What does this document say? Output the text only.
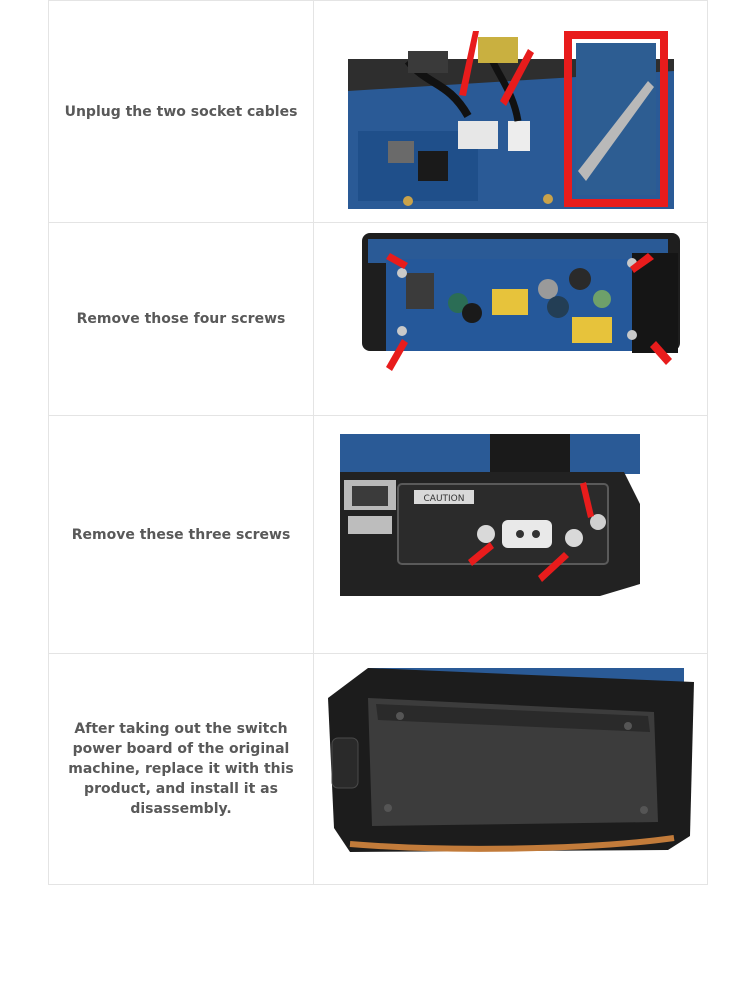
Unplug the two socket cables
Remove those four screws
Remove these three screws
CAUTION
After taking out the switch power board of the original machine, replace it with this product, and install it as disassembly.
